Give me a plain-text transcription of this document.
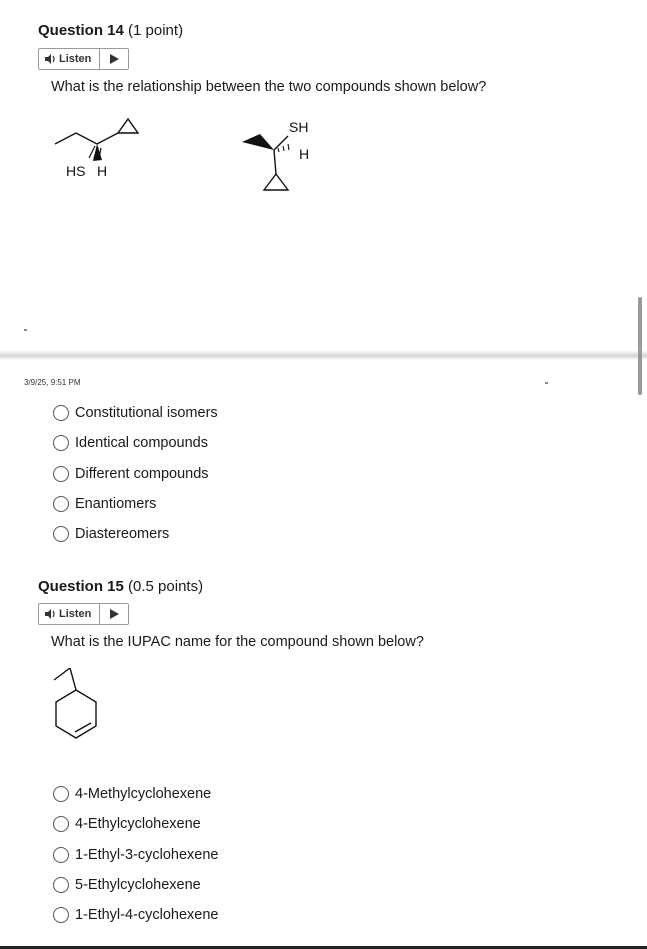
Question 14 (1 point)
Listen
What is the relationship between the two compounds shown below?
HS H
SH
H
3/9/25, 9:51 PM
Constitutional isomers
Identical compounds
Different compounds
Enantiomers
Diastereomers
Question 15 (0.5 points)
Listen
What is the IUPAC name for the compound shown below?
4-Methylcyclohexene
4-Ethylcyclohexene
1-Ethyl-3-cyclohexene
5-Ethylcyclohexene
1-Ethyl-4-cyclohexene
